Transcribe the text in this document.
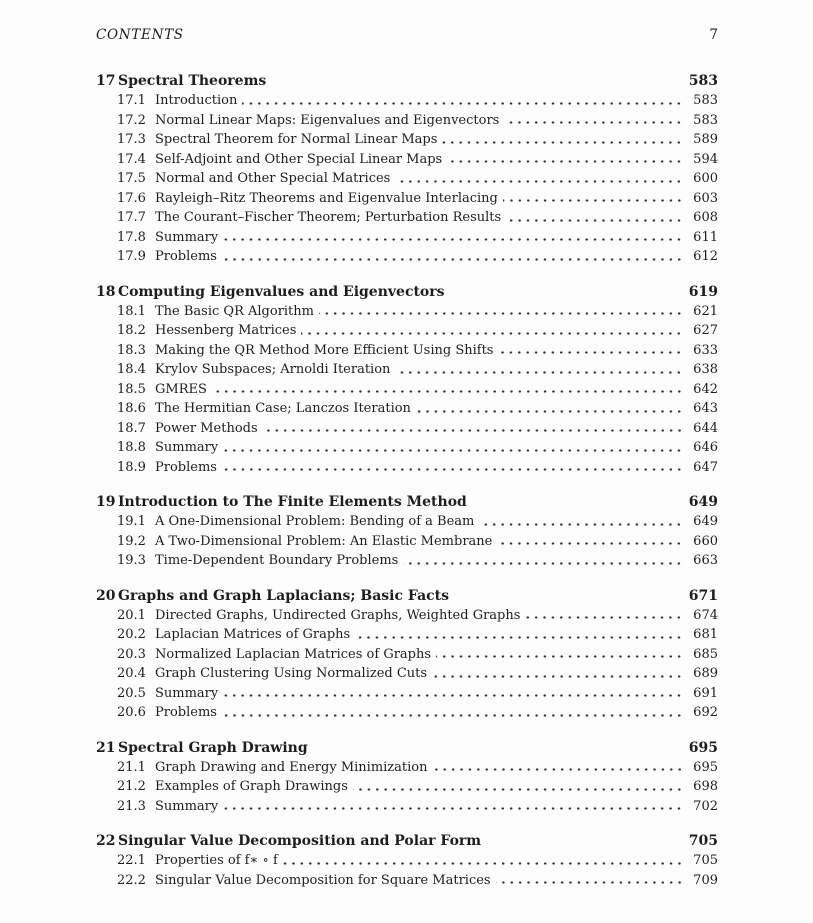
CONTENTS	7
17 Spectral Theorems	583
17.1 Introduction	583
17.2 Normal Linear Maps: Eigenvalues and Eigenvectors	583
17.3 Spectral Theorem for Normal Linear Maps	589
17.4 Self-Adjoint and Other Special Linear Maps	594
17.5 Normal and Other Special Matrices	600
17.6 Rayleigh–Ritz Theorems and Eigenvalue Interlacing	603
17.7 The Courant–Fischer Theorem; Perturbation Results	608
17.8 Summary	611
17.9 Problems	612
18 Computing Eigenvalues and Eigenvectors	619
18.1 The Basic QR Algorithm	621
18.2 Hessenberg Matrices	627
18.3 Making the QR Method More Efficient Using Shifts	633
18.4 Krylov Subspaces; Arnoldi Iteration	638
18.5 GMRES	642
18.6 The Hermitian Case; Lanczos Iteration	643
18.7 Power Methods	644
18.8 Summary	646
18.9 Problems	647
19 Introduction to The Finite Elements Method	649
19.1 A One-Dimensional Problem: Bending of a Beam	649
19.2 A Two-Dimensional Problem: An Elastic Membrane	660
19.3 Time-Dependent Boundary Problems	663
20 Graphs and Graph Laplacians; Basic Facts	671
20.1 Directed Graphs, Undirected Graphs, Weighted Graphs	674
20.2 Laplacian Matrices of Graphs	681
20.3 Normalized Laplacian Matrices of Graphs	685
20.4 Graph Clustering Using Normalized Cuts	689
20.5 Summary	691
20.6 Problems	692
21 Spectral Graph Drawing	695
21.1 Graph Drawing and Energy Minimization	695
21.2 Examples of Graph Drawings	698
21.3 Summary	702
22 Singular Value Decomposition and Polar Form	705
22.1 Properties of f∗ ∘ f	705
22.2 Singular Value Decomposition for Square Matrices	709
